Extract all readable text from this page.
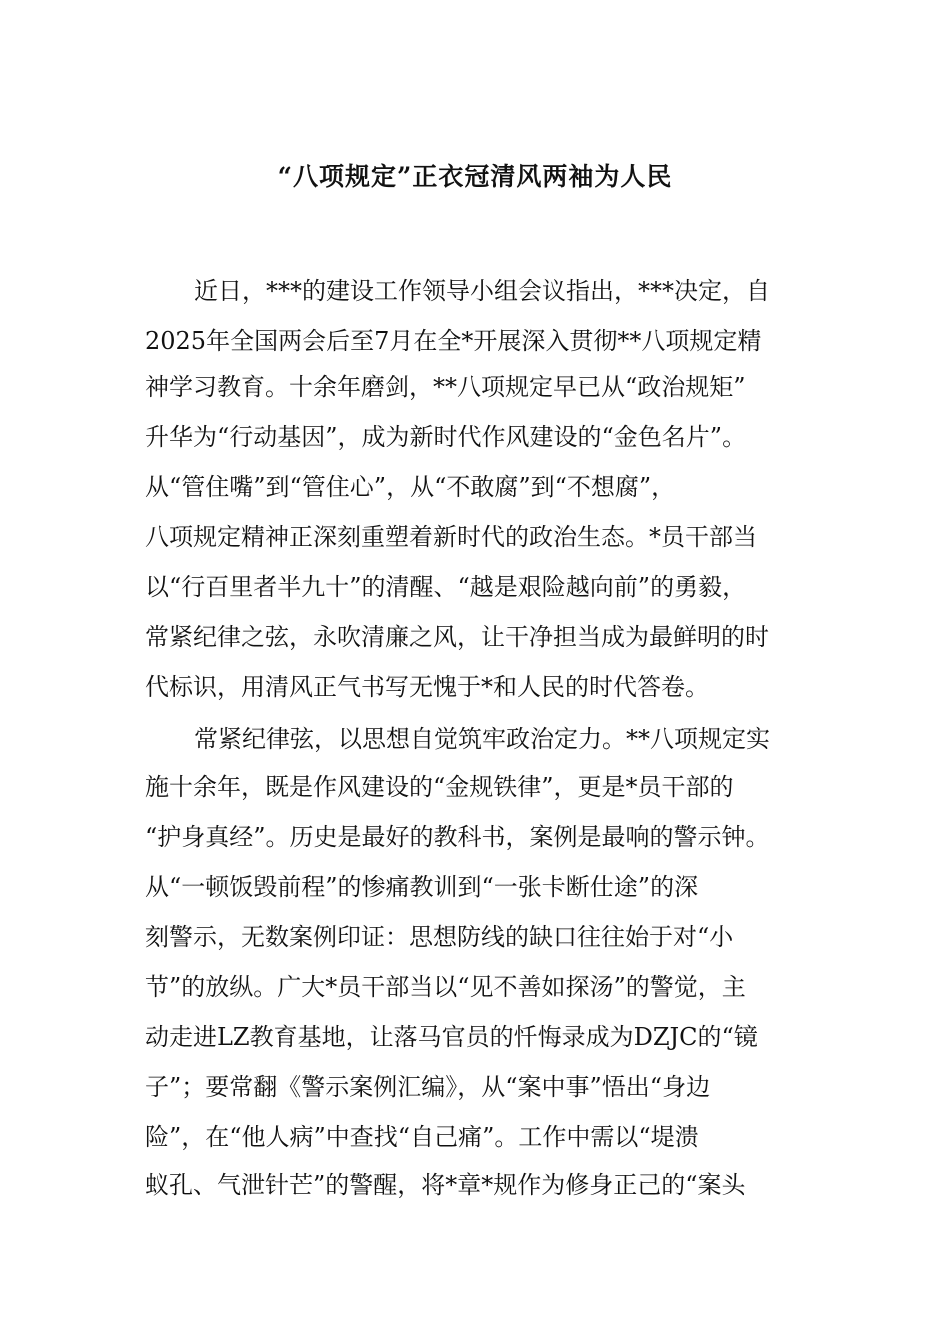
“八项规定”正衣冠清风两袖为人民
近日，***的建设工作领导小组会议指出，***决定，自
2025年全国两会后至7月在全*开展深入贯彻**八项规定精
神学习教育。十余年磨剑，**八项规定早已从“政治规矩”
升华为“行动基因”，成为新时代作风建设的“金色名片”。
从“管住嘴”到“管住心”，从“不敢腐”到“不想腐”，
八项规定精神正深刻重塑着新时代的政治生态。*员干部当
以“行百里者半九十”的清醒、“越是艰险越向前”的勇毅，
常紧纪律之弦，永吹清廉之风，让干净担当成为最鲜明的时
代标识，用清风正气书写无愧于*和人民的时代答卷。
常紧纪律弦，以思想自觉筑牢政治定力。**八项规定实
施十余年，既是作风建设的“金规铁律”，更是*员干部的
“护身真经”。历史是最好的教科书，案例是最响的警示钟。
从“一顿饭毁前程”的惨痛教训到“一张卡断仕途”的深
刻警示，无数案例印证：思想防线的缺口往往始于对“小
节”的放纵。广大*员干部当以“见不善如探汤”的警觉，主
动走进LZ教育基地，让落马官员的忏悔录成为DZJC的“镜
子”；要常翻《警示案例汇编》，从“案中事”悟出“身边
险”，在“他人病”中查找“自己痛”。工作中需以“堤溃
蚁孔、气泄针芒”的警醒，将*章*规作为修身正己的“案头
